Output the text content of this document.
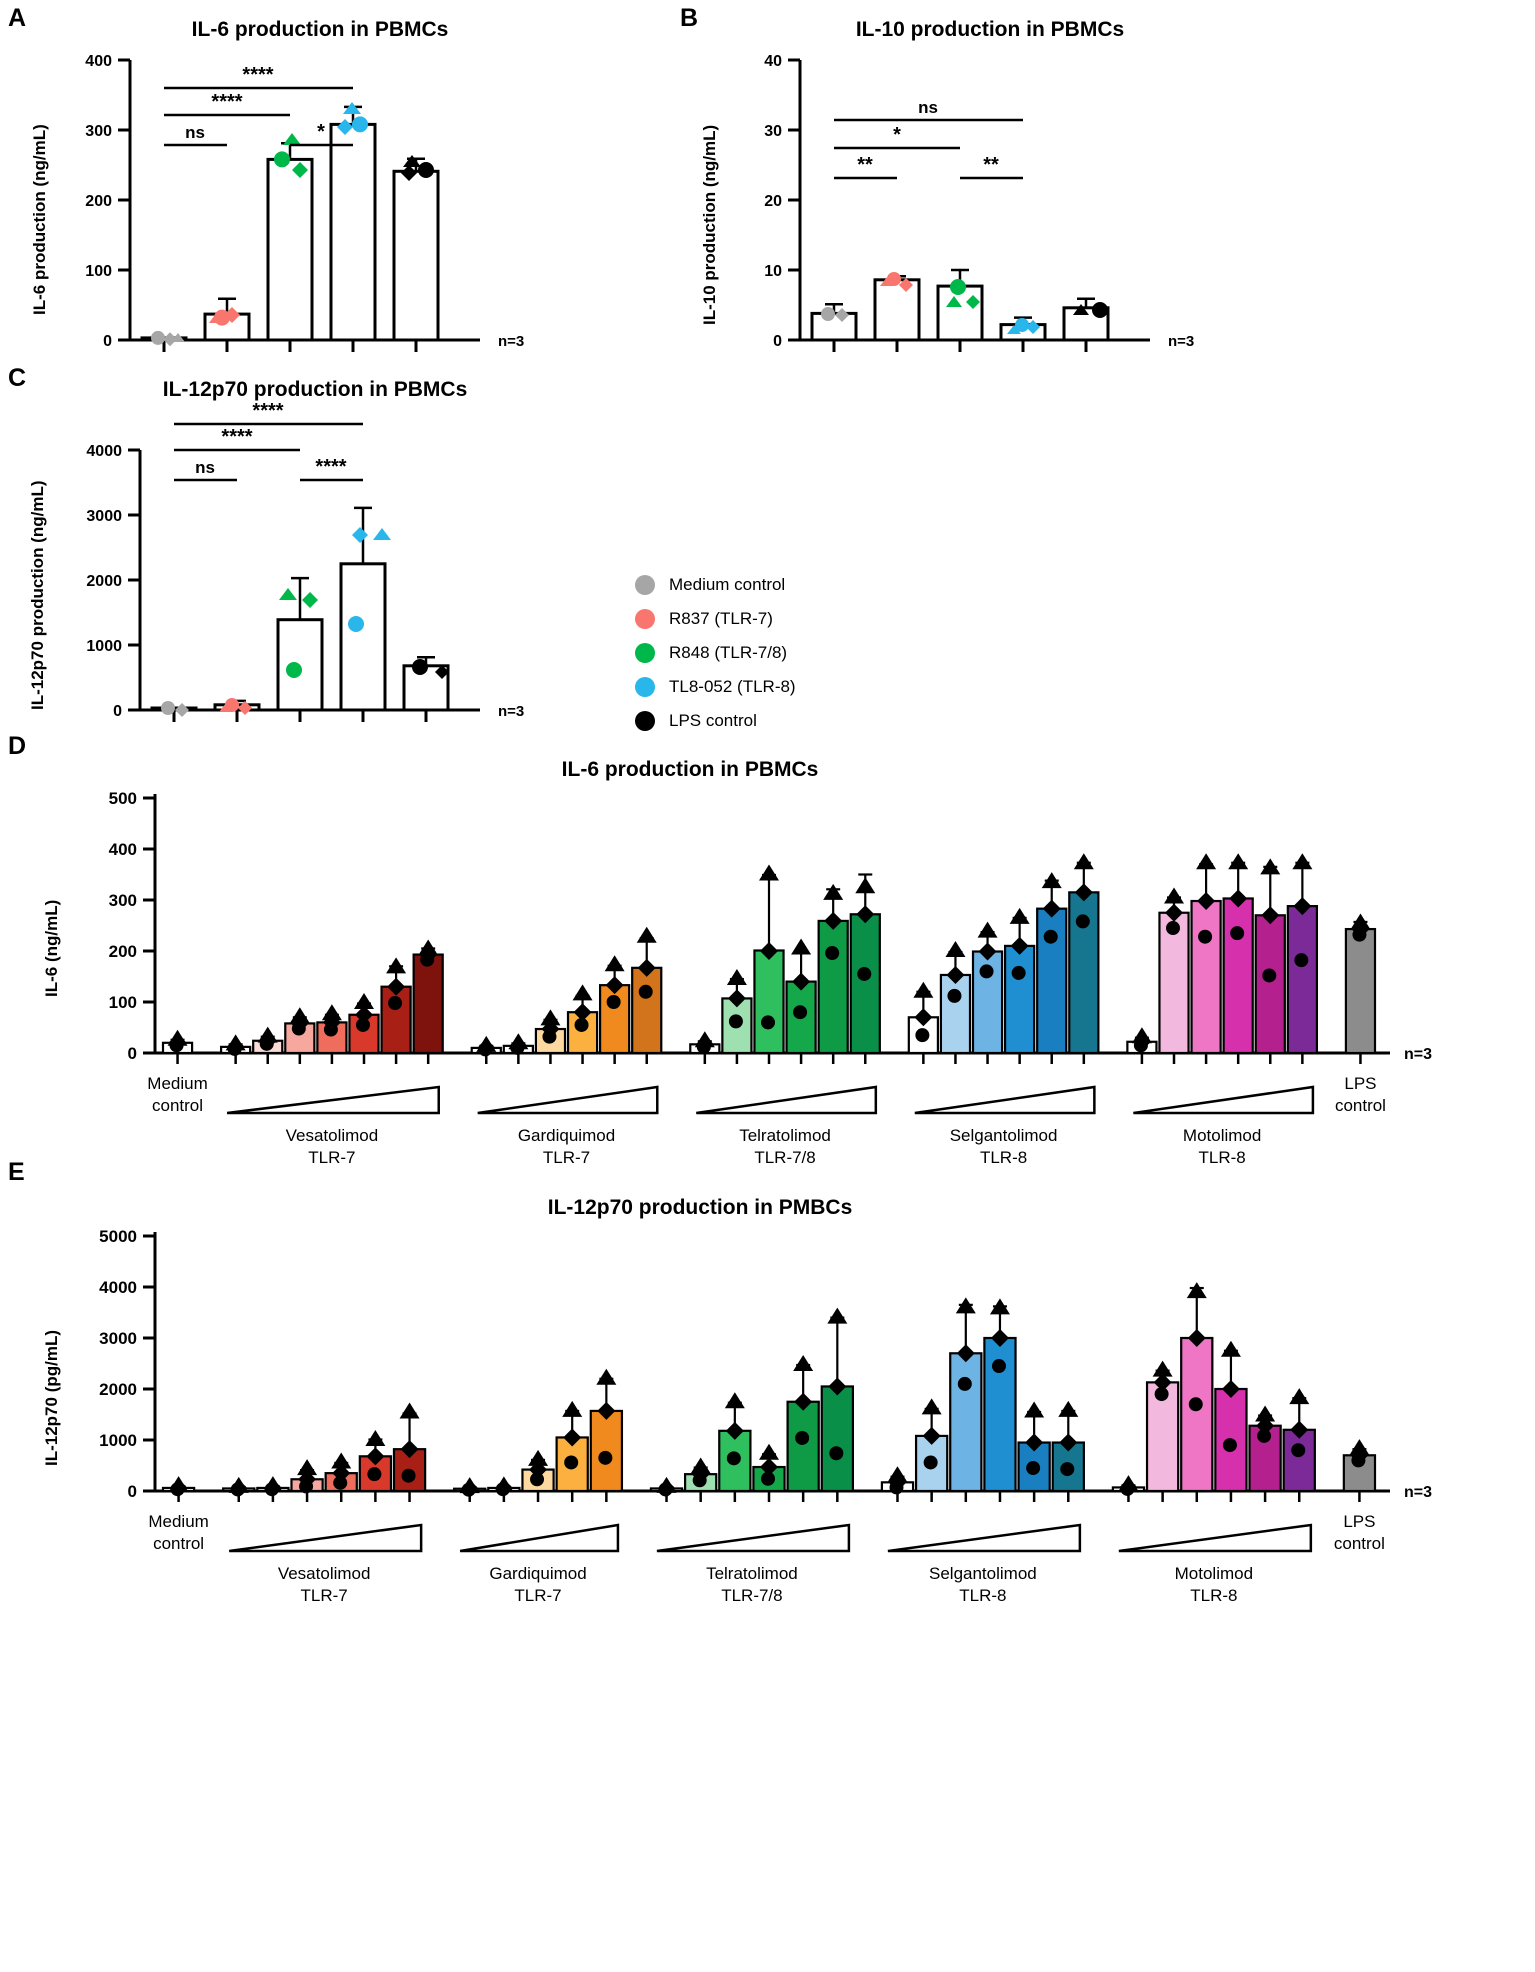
A	IL-6 production in PBMCs
IL-6 production (ng/mL)
0
100
200
300
400
ns
****
****
*
n=3
B	IL-10 production in PBMCs
IL-10 production (ng/mL)
0
10
20
30
40
**
*
ns
**
n=3
C	IL-12p70 production in PBMCs
IL-12p70 production (ng/mL)
0
1000
2000
3000
4000
ns
****
****
****
n=3
Medium control
R837 (TLR-7)
R848 (TLR-7/8)
TL8-052 (TLR-8)
LPS control
D
IL-6 production in PBMCs
IL-6 (ng/mL)
0
100
200
300
400
500
Medium
control
Vesatolimod
TLR-7
Gardiquimod
TLR-7
Telratolimod
TLR-7/8
Selgantolimod
TLR-8
Motolimod
TLR-8
LPS
control
n=3
E
IL-12p70 production in PMBCs
IL-12p70 (pg/mL)
0
1000
2000
3000
4000
5000
Medium
control
Vesatolimod
TLR-7
Gardiquimod
TLR-7
Telratolimod
TLR-7/8
Selgantolimod
TLR-8
Motolimod
TLR-8
LPS
control
n=3
